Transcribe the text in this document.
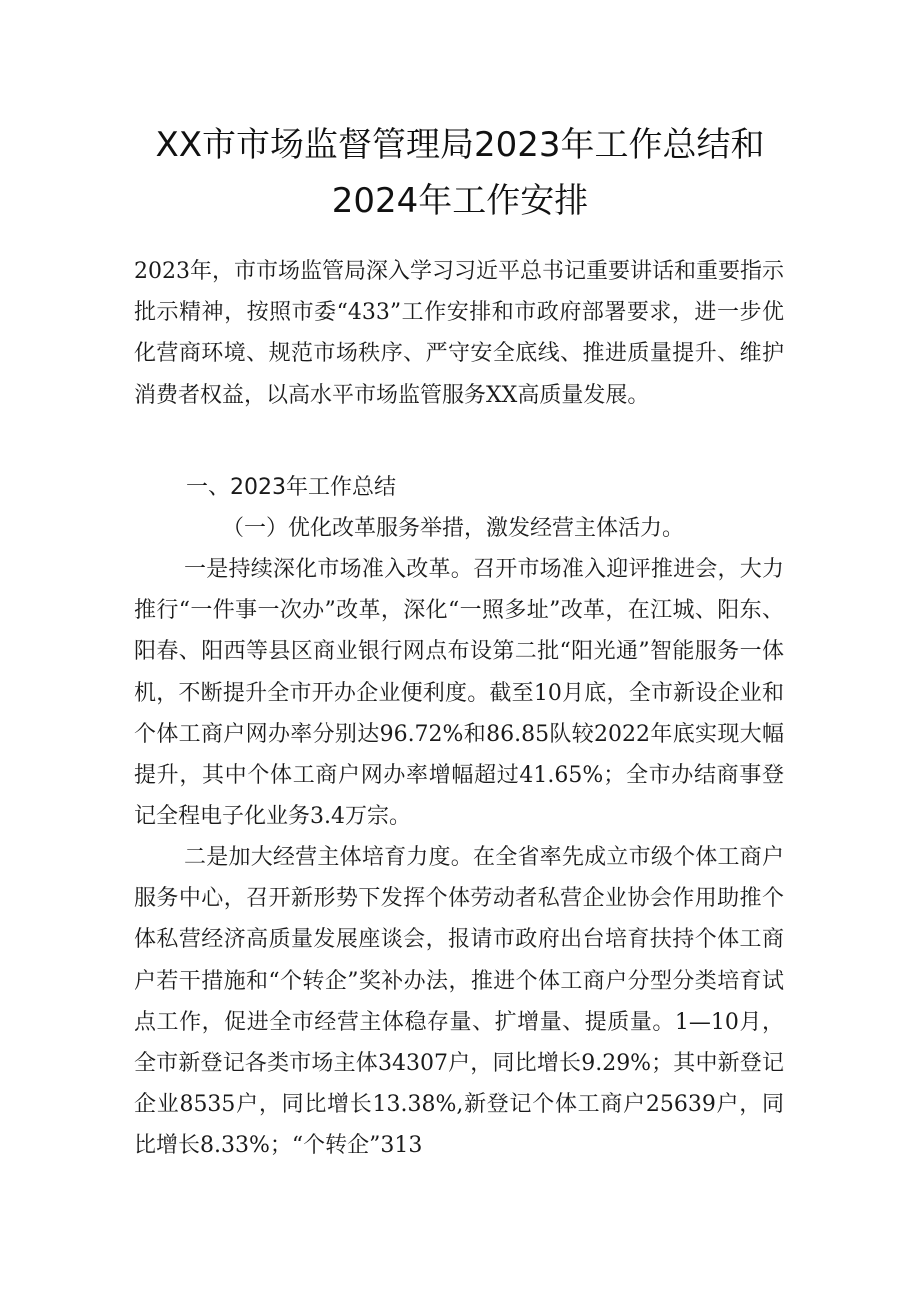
XX市市场监督管理局2023年工作总结和
2024年工作安排

2023年，市市场监管局深入学习习近平总书记重要讲话和重要指示批示精神，按照市委“433”工作安排和市政府部署要求，进一步优化营商环境、规范市场秩序、严守安全底线、推进质量提升、维护消费者权益，以高水平市场监管服务XX高质量发展。

一、2023年工作总结
（一）优化改革服务举措，激发经营主体活力。

一是持续深化市场准入改革。召开市场准入迎评推进会，大力推行“一件事一次办”改革，深化“一照多址”改革，在江城、阳东、阳春、阳西等县区商业银行网点布设第二批“阳光通”智能服务一体机，不断提升全市开办企业便利度。截至10月底，全市新设企业和个体工商户网办率分别达96.72%和86.85队较2022年底实现大幅提升，其中个体工商户网办率增幅超过41.65%；全市办结商事登记全程电子化业务3.4万宗。

二是加大经营主体培育力度。在全省率先成立市级个体工商户服务中心，召开新形势下发挥个体劳动者私营企业协会作用助推个体私营经济高质量发展座谈会，报请市政府出台培育扶持个体工商户若干措施和“个转企”奖补办法，推进个体工商户分型分类培育试点工作，促进全市经营主体稳存量、扩增量、提质量。1—10月，全市新登记各类市场主体34307户，同比增长9.29%；其中新登记企业8535户，同比增长13.38%,新登记个体工商户25639户，同比增长8.33%；“个转企”313
